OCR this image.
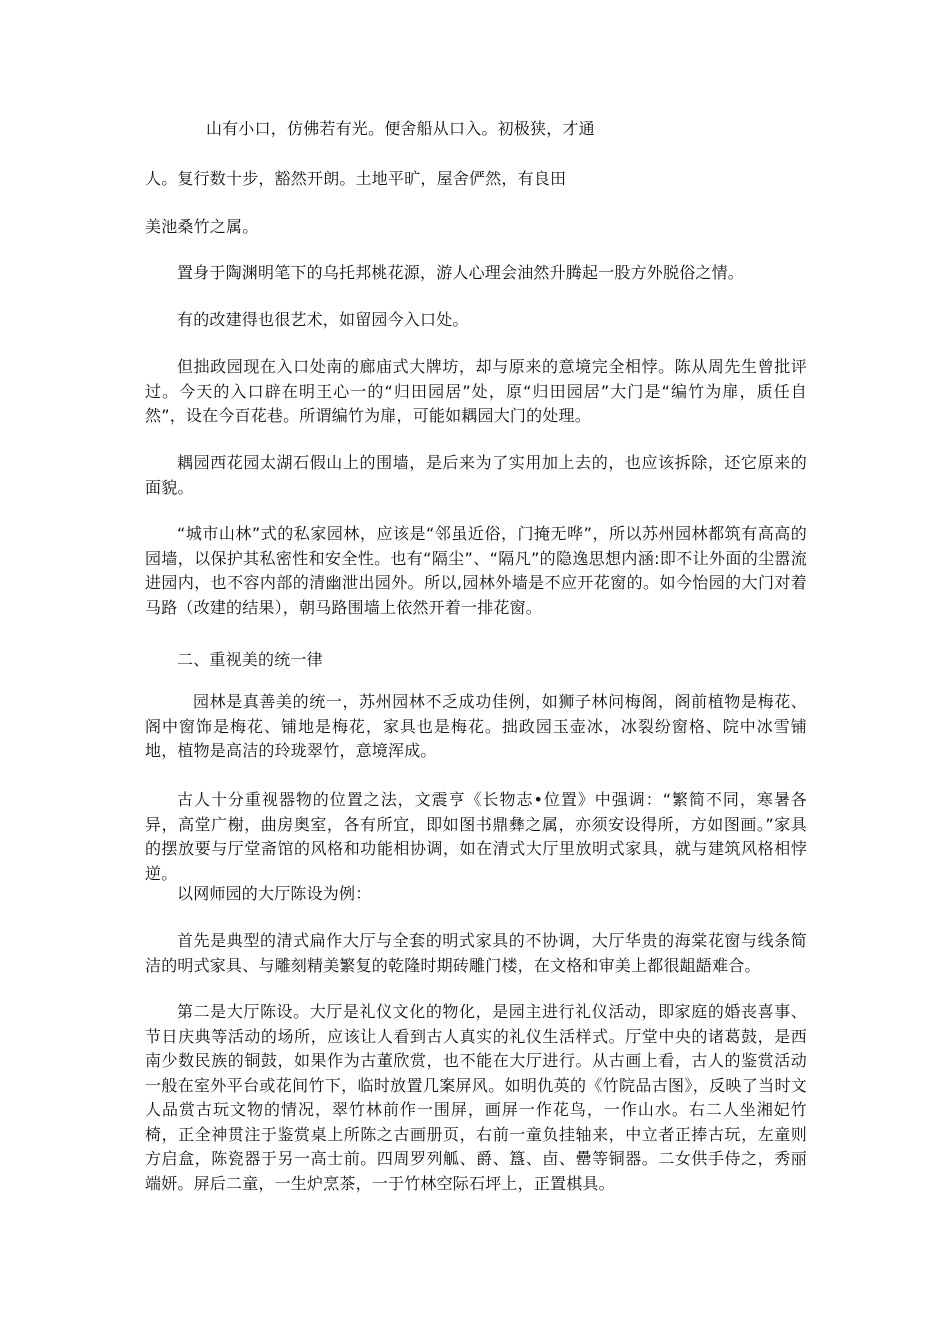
山有小口，仿佛若有光。便舍船从口入。初极狭，才通
人。复行数十步，豁然开朗。土地平旷，屋舍俨然，有良田
美池桑竹之属。

置身于陶渊明笔下的乌托邦桃花源，游人心理会油然升腾起一股方外脱俗之情。

有的改建得也很艺术，如留园今入口处。

但拙政园现在入口处南的廊庙式大牌坊，却与原来的意境完全相悖。陈从周先生曾批评过。今天的入口辟在明王心一的“归田园居”处，原“归田园居”大门是“编竹为扉，质任自然”，设在今百花巷。所谓编竹为扉，可能如耦园大门的处理。

耦园西花园太湖石假山上的围墙，是后来为了实用加上去的，也应该拆除，还它原来的面貌。

“城市山林”式的私家园林，应该是“邻虽近俗，门掩无哗”，所以苏州园林都筑有高高的园墙，以保护其私密性和安全性。也有“隔尘”、“隔凡”的隐逸思想内涵:即不让外面的尘嚣流进园内，也不容内部的清幽泄出园外。所以,园林外墙是不应开花窗的。如今怡园的大门对着马路（改建的结果），朝马路围墙上依然开着一排花窗。

二、重视美的统一律

园林是真善美的统一，苏州园林不乏成功佳例，如狮子林问梅阁，阁前植物是梅花、阁中窗饰是梅花、铺地是梅花，家具也是梅花。拙政园玉壶冰，冰裂纷窗格、院中冰雪铺地，植物是高洁的玲珑翠竹，意境浑成。

古人十分重视器物的位置之法，文震亨《长物志•位置》中强调：“繁简不同，寒暑各异，高堂广榭，曲房奥室，各有所宜，即如图书鼎彝之属，亦须安设得所，方如图画。”家具的摆放要与厅堂斋馆的风格和功能相协调，如在清式大厅里放明式家具，就与建筑风格相悖逆。

以网师园的大厅陈设为例：

首先是典型的清式扁作大厅与全套的明式家具的不协调，大厅华贵的海棠花窗与线条简洁的明式家具、与雕刻精美繁复的乾隆时期砖雕门楼，在文格和审美上都很龃龉难合。

第二是大厅陈设。大厅是礼仪文化的物化，是园主进行礼仪活动，即家庭的婚丧喜事、节日庆典等活动的场所，应该让人看到古人真实的礼仪生活样式。厅堂中央的诸葛鼓，是西南少数民族的铜鼓，如果作为古董欣赏，也不能在大厅进行。从古画上看，古人的鉴赏活动一般在室外平台或花间竹下，临时放置几案屏风。如明仇英的《竹院品古图》，反映了当时文人品赏古玩文物的情况，翠竹林前作一围屏，画屏一作花鸟，一作山水。右二人坐湘妃竹椅，正全神贯注于鉴赏桌上所陈之古画册页，右前一童负挂轴来，中立者正捧古玩，左童则方启盒，陈瓷器于另一高士前。四周罗列觚、爵、簋、卣、罍等铜器。二女供手侍之，秀丽端妍。屏后二童，一生炉烹茶，一于竹林空际石坪上，正置棋具。
